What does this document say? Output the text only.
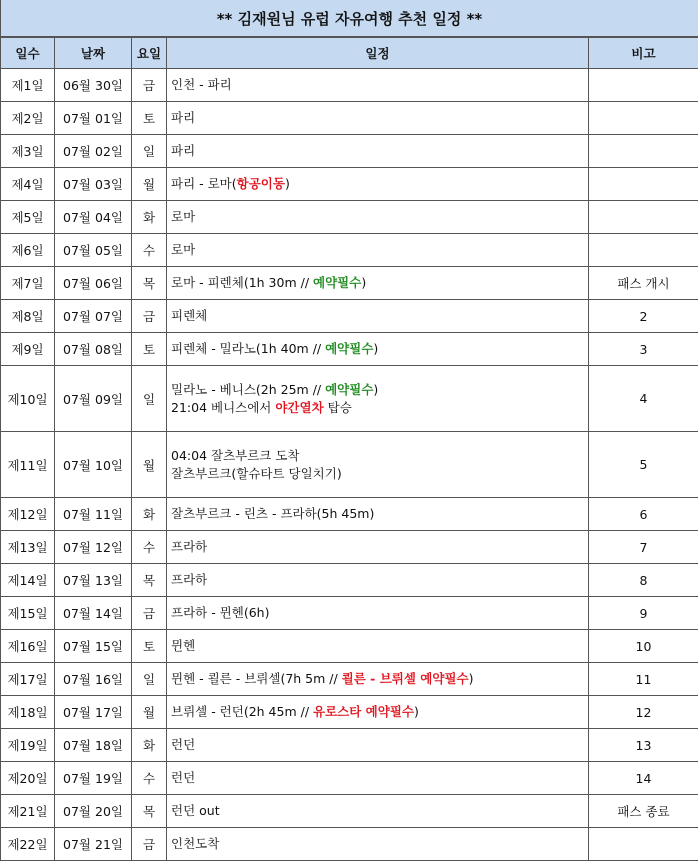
** 김재원님 유럽 자유여행 추천 일정 **
일수	날짜	요일	일정	비고
제1일	06월 30일	금	인천 - 파리	

제2일	07월 01일	토	파리	

제3일	07월 02일	일	파리	

제4일	07월 03일	월	파리 - 로마(항공이동)	

제5일	07월 04일	화	로마	

제6일	07월 05일	수	로마	

제7일	07월 06일	목	로마 - 피렌체(1h 30m // 예약필수)	패스 개시
제8일	07월 07일	금	피렌체	2
제9일	07월 08일	토	피렌체 - 밀라노(1h 40m // 예약필수)	3
제10일	07월 09일	일	밀라노 - 베니스(2h 25m // 예약필수)
21:04 베니스에서 야간열차 탑승	4
제11일	07월 10일	월	04:04 잘츠부르크 도착
잘츠부르크(할슈타트 당일치기)	5
제12일	07월 11일	화	잘츠부르크 - 린츠 - 프라하(5h 45m)	6
제13일	07월 12일	수	프라하	7
제14일	07월 13일	목	프라하	8
제15일	07월 14일	금	프라하 - 뮌헨(6h)	9
제16일	07월 15일	토	뮌헨	10
제17일	07월 16일	일	뮌헨 - 쾰른 - 브뤼셀(7h 5m // 쾰른 - 브뤼셀 예약필수)	11
제18일	07월 17일	월	브뤼셀 - 런던(2h 45m // 유로스타 예약필수)	12
제19일	07월 18일	화	런던	13
제20일	07월 19일	수	런던	14
제21일	07월 20일	목	런던 out	패스 종료
제22일	07월 21일	금	인천도착	
